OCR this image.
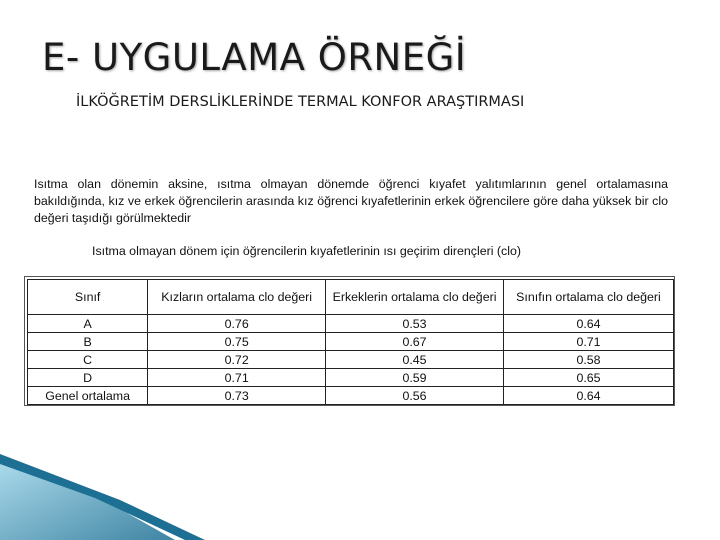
E- UYGULAMA ÖRNEĞİ
İLKÖĞRETİM DERSLİKLERİNDE TERMAL KONFOR ARAŞTIRMASI
Isıtma olan dönemin aksine, ısıtma olmayan dönemde öğrenci kıyafet yalıtımlarının genel ortalamasına bakıldığında, kız ve erkek öğrencilerin arasında kız öğrenci kıyafetlerinin erkek öğrencilere göre daha yüksek bir clo değeri taşıdığı görülmektedir
Isıtma olmayan dönem için öğrencilerin kıyafetlerinin ısı geçirim dirençleri (clo)
Sınıf	Kızların ortalama clo değeri	Erkeklerin ortalama clo değeri	Sınıfın ortalama clo değeri
A	0.76	0.53	0.64
B	0.75	0.67	0.71
C	0.72	0.45	0.58
D	0.71	0.59	0.65
Genel ortalama	0.73	0.56	0.64
